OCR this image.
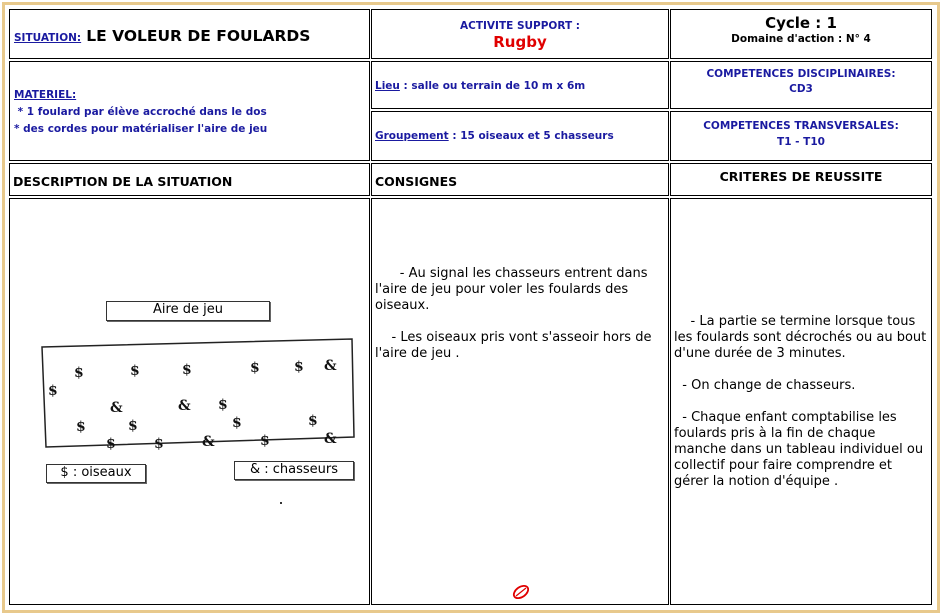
SITUATION: LE VOLEUR DE FOULARDS
ACTIVITE SUPPORT :
Rugby
Cycle : 1
Domaine d'action : N° 4
MATERIEL:
* 1 foulard par élève accroché dans le dos
* des cordes pour matérialiser l'aire de jeu
Lieu : salle ou terrain de 10 m x 6m
Groupement : 15 oiseaux et 5 chasseurs
COMPETENCES DISCIPLINAIRES:
CD3
COMPETENCES TRANSVERSALES:
T1 - T10
DESCRIPTION DE LA SITUATION	CONSIGNES	CRITERES DE REUSSITE
Aire de jeu
$	$	$	$ $ &
$
&	& $
$	$	$	$
$	$	&	$	&
$ : oiseaux	& : chasseurs
- Au signal les chasseurs entrent dans l'aire de jeu pour voler les foulards des oiseaux.
- Les oiseaux pris vont s'asseoir hors de l'aire de jeu .
- La partie se termine lorsque tous les foulards sont décrochés ou au bout d'une durée de 3 minutes.
- On change de chasseurs.
- Chaque enfant comptabilise les foulards pris à la fin de chaque manche dans un tableau individuel ou collectif pour faire comprendre et gérer la notion d'équipe .
